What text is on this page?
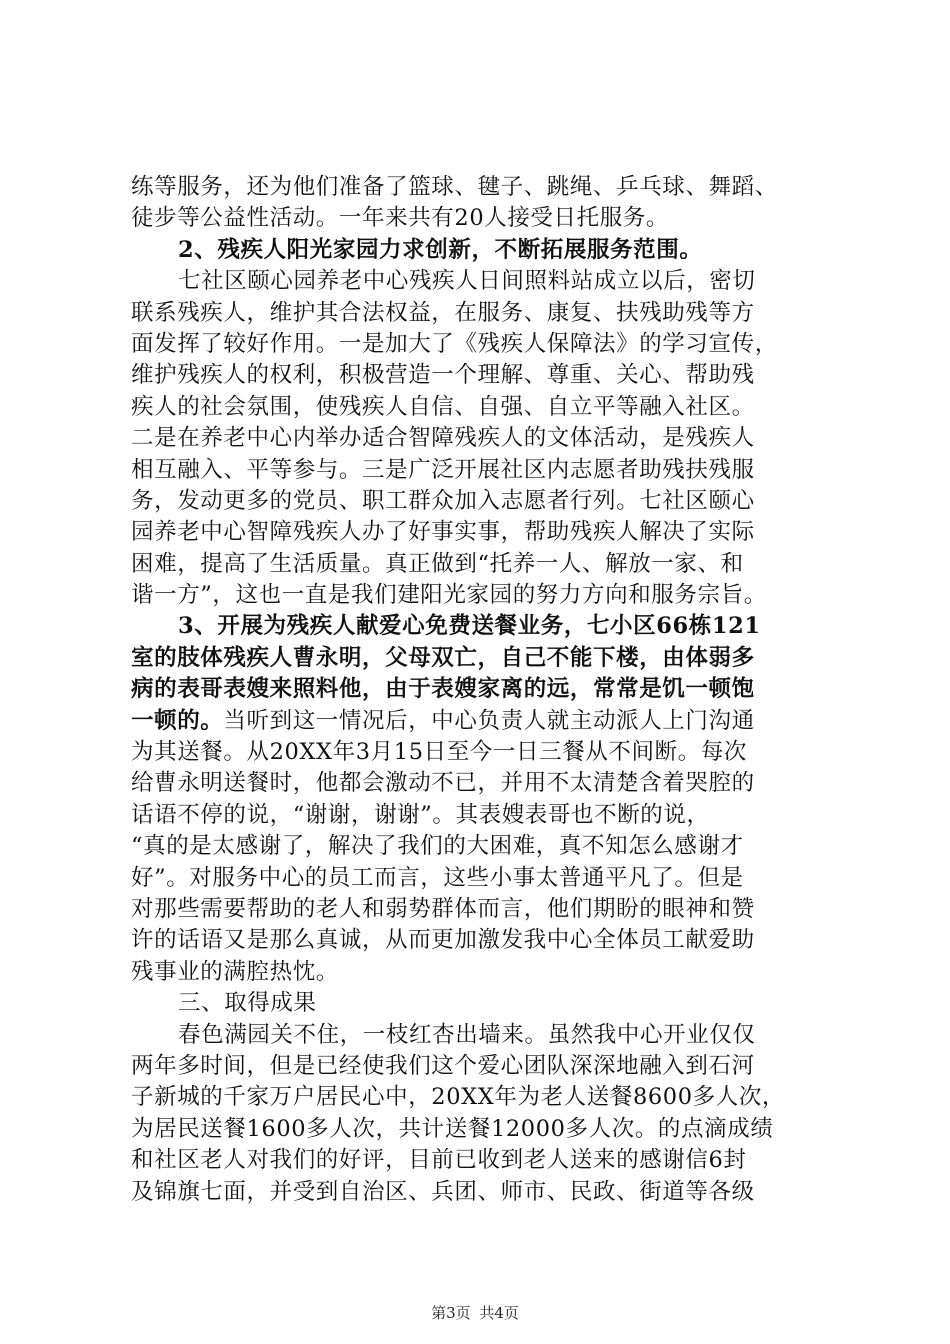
练等服务，还为他们准备了篮球、毽子、跳绳、乒乓球、舞蹈、
徒步等公益性活动。一年来共有20人接受日托服务。
2、残疾人阳光家园力求创新，不断拓展服务范围。
七社区颐心园养老中心残疾人日间照料站成立以后，密切
联系残疾人，维护其合法权益，在服务、康复、扶残助残等方
面发挥了较好作用。一是加大了《残疾人保障法》的学习宣传，
维护残疾人的权利，积极营造一个理解、尊重、关心、帮助残
疾人的社会氛围，使残疾人自信、自强、自立平等融入社区。
二是在养老中心内举办适合智障残疾人的文体活动，是残疾人
相互融入、平等参与。三是广泛开展社区内志愿者助残扶残服
务，发动更多的党员、职工群众加入志愿者行列。七社区颐心
园养老中心智障残疾人办了好事实事，帮助残疾人解决了实际
困难，提高了生活质量。真正做到“托养一人、解放一家、和
谐一方”，这也一直是我们建阳光家园的努力方向和服务宗旨。
3、开展为残疾人献爱心免费送餐业务，七小区66栋121
室的肢体残疾人曹永明，父母双亡，自己不能下楼，由体弱多
病的表哥表嫂来照料他，由于表嫂家离的远，常常是饥一顿饱
一顿的。当听到这一情况后，中心负责人就主动派人上门沟通
为其送餐。从20XX年3月15日至今一日三餐从不间断。每次
给曹永明送餐时，他都会激动不已，并用不太清楚含着哭腔的
话语不停的说，“谢谢，谢谢”。其表嫂表哥也不断的说，
“真的是太感谢了，解决了我们的大困难，真不知怎么感谢才
好”。对服务中心的员工而言，这些小事太普通平凡了。但是
对那些需要帮助的老人和弱势群体而言，他们期盼的眼神和赞
许的话语又是那么真诚，从而更加激发我中心全体员工献爱助
残事业的满腔热忱。
三、取得成果
春色满园关不住，一枝红杏出墙来。虽然我中心开业仅仅
两年多时间，但是已经使我们这个爱心团队深深地融入到石河
子新城的千家万户居民心中，20XX年为老人送餐8600多人次，
为居民送餐1600多人次，共计送餐12000多人次。的点滴成绩
和社区老人对我们的好评，目前已收到老人送来的感谢信6封
及锦旗七面，并受到自治区、兵团、师市、民政、街道等各级
第3页 共4页
